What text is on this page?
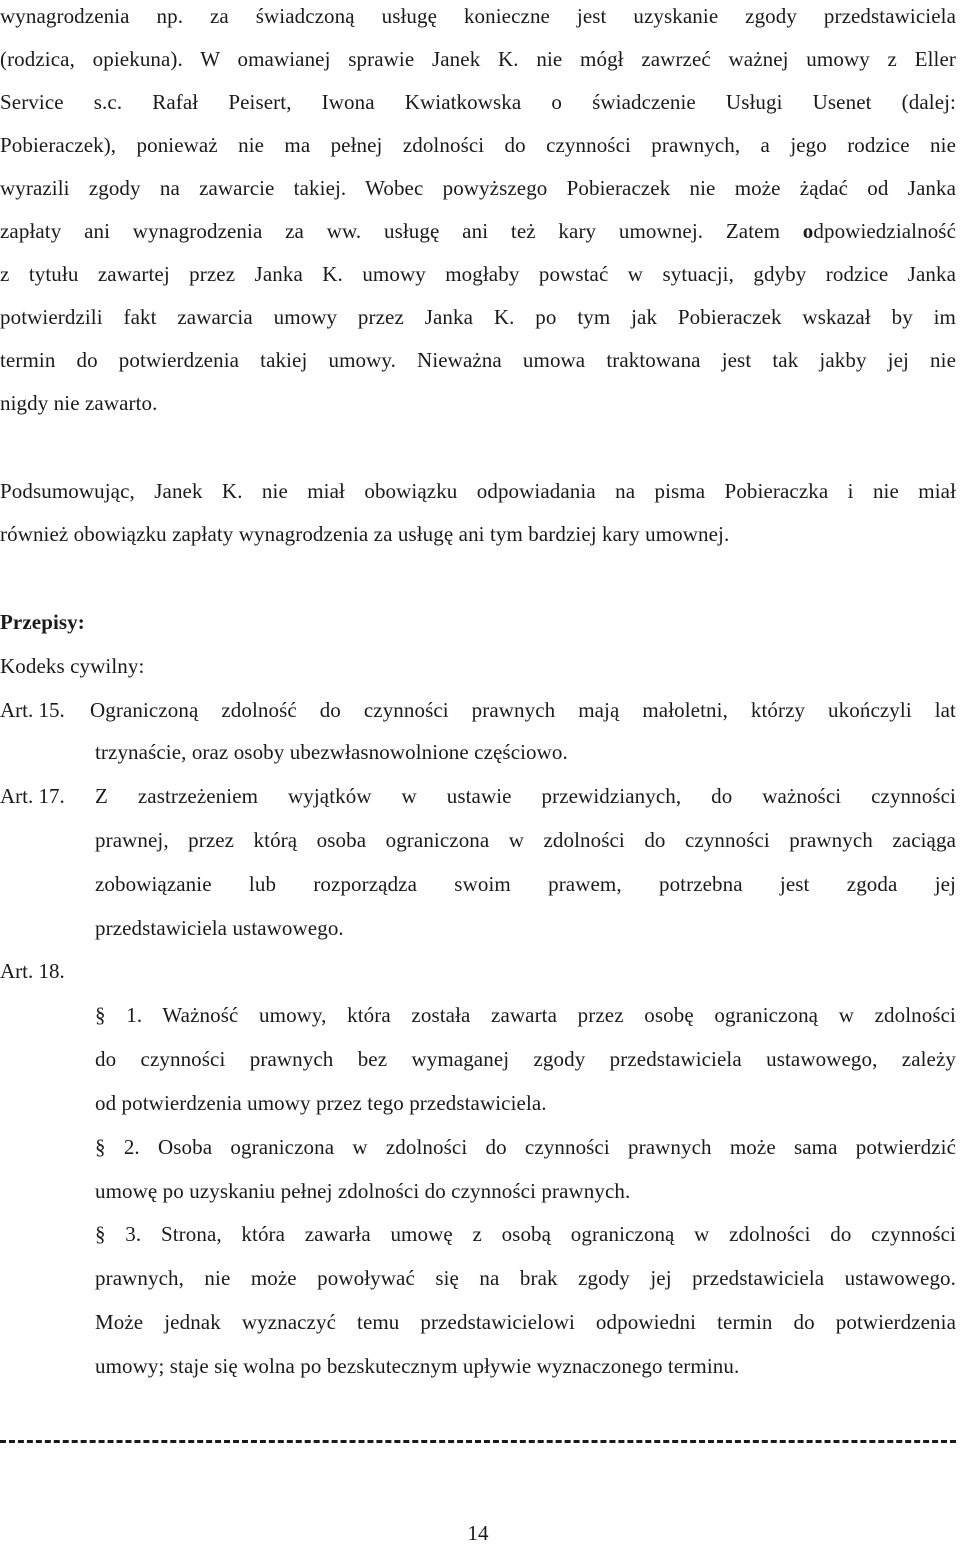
wynagrodzenia np. za świadczoną usługę konieczne jest uzyskanie zgody przedstawiciela
(rodzica, opiekuna). W omawianej sprawie Janek K. nie mógł zawrzeć ważnej umowy z Eller
Service s.c. Rafał Peisert, Iwona Kwiatkowska o świadczenie Usługi Usenet (dalej:
Pobieraczek), ponieważ nie ma pełnej zdolności do czynności prawnych, a jego rodzice nie
wyrazili zgody na zawarcie takiej. Wobec powyższego Pobieraczek nie może żądać od Janka
zapłaty ani wynagrodzenia za ww. usługę ani też kary umownej. Zatem odpowiedzialność
z tytułu zawartej przez Janka K. umowy mogłaby powstać w sytuacji, gdyby rodzice Janka
potwierdzili fakt zawarcia umowy przez Janka K. po tym jak Pobieraczek wskazał by im
termin do potwierdzenia takiej umowy. Nieważna umowa traktowana jest tak jakby jej nie
nigdy nie zawarto.
Podsumowując, Janek K. nie miał obowiązku odpowiadania na pisma Pobieraczka i nie miał
również obowiązku zapłaty wynagrodzenia za usługę ani tym bardziej kary umownej.
Przepisy:
Kodeks cywilny:
Art. 15. Ograniczoną zdolność do czynności prawnych mają małoletni, którzy ukończyli lat
trzynaście, oraz osoby ubezwłasnowolnione częściowo.
Art. 17. Z zastrzeżeniem wyjątków w ustawie przewidzianych, do ważności czynności
prawnej, przez którą osoba ograniczona w zdolności do czynności prawnych zaciąga
zobowiązanie lub rozporządza swoim prawem, potrzebna jest zgoda jej
przedstawiciela ustawowego.
Art. 18.
§ 1. Ważność umowy, która została zawarta przez osobę ograniczoną w zdolności
do czynności prawnych bez wymaganej zgody przedstawiciela ustawowego, zależy
od potwierdzenia umowy przez tego przedstawiciela.
§ 2. Osoba ograniczona w zdolności do czynności prawnych może sama potwierdzić
umowę po uzyskaniu pełnej zdolności do czynności prawnych.
§ 3. Strona, która zawarła umowę z osobą ograniczoną w zdolności do czynności
prawnych, nie może powoływać się na brak zgody jej przedstawiciela ustawowego.
Może jednak wyznaczyć temu przedstawicielowi odpowiedni termin do potwierdzenia
umowy; staje się wolna po bezskutecznym upływie wyznaczonego terminu.
14
